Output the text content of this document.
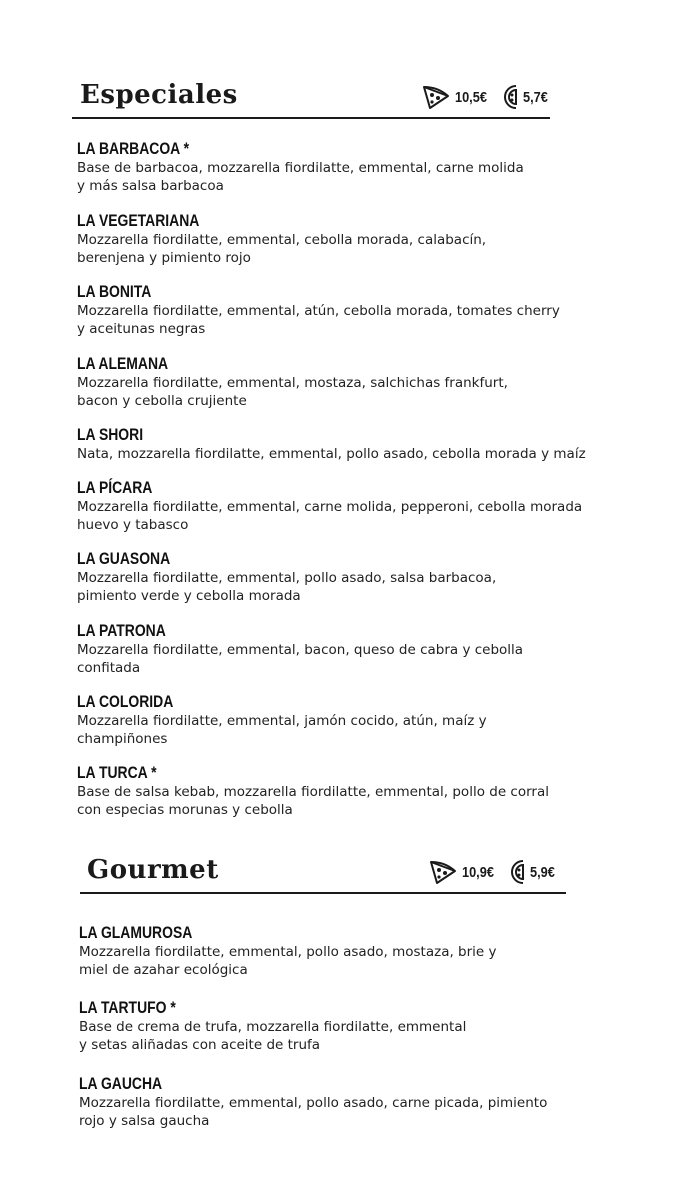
Especiales	10,5€ 5,7€
LA BARBACOA *
Base de barbacoa, mozzarella fiordilatte, emmental, carne molida
y más salsa barbacoa
LA VEGETARIANA
Mozzarella fiordilatte, emmental, cebolla morada, calabacín,
berenjena y pimiento rojo
LA BONITA
Mozzarella fiordilatte, emmental, atún, cebolla morada, tomates cherry
y aceitunas negras
LA ALEMANA
Mozzarella fiordilatte, emmental, mostaza, salchichas frankfurt,
bacon y cebolla crujiente
LA SHORI
Nata, mozzarella fiordilatte, emmental, pollo asado, cebolla morada y maíz
LA PÍCARA
Mozzarella fiordilatte, emmental, carne molida, pepperoni, cebolla morada
huevo y tabasco
LA GUASONA
Mozzarella fiordilatte, emmental, pollo asado, salsa barbacoa,
pimiento verde y cebolla morada
LA PATRONA
Mozzarella fiordilatte, emmental, bacon, queso de cabra y cebolla
confitada
LA COLORIDA
Mozzarella fiordilatte, emmental, jamón cocido, atún, maíz y
champiñones
LA TURCA *
Base de salsa kebab, mozzarella fiordilatte, emmental, pollo de corral
con especias morunas y cebolla
Gourmet	10,9€ 5,9€
LA GLAMUROSA
Mozzarella fiordilatte, emmental, pollo asado, mostaza, brie y
miel de azahar ecológica
LA TARTUFO *
Base de crema de trufa, mozzarella fiordilatte, emmental
y setas aliñadas con aceite de trufa
LA GAUCHA
Mozzarella fiordilatte, emmental, pollo asado, carne picada, pimiento
rojo y salsa gaucha
